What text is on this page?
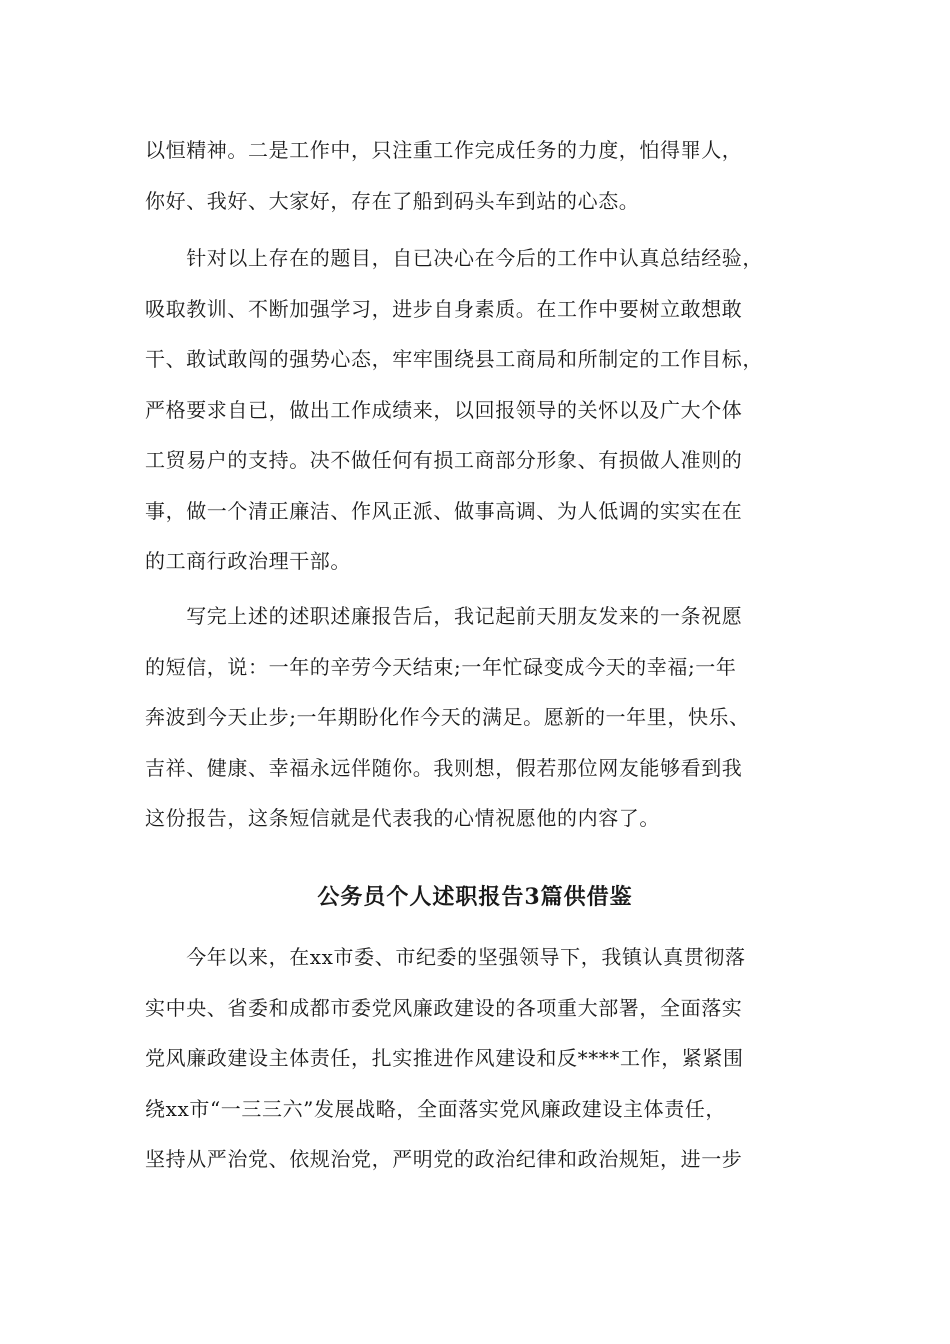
以恒精神。二是工作中，只注重工作完成任务的力度，怕得罪人，
你好、我好、大家好，存在了船到码头车到站的心态。
　　针对以上存在的题目，自已决心在今后的工作中认真总结经验，
吸取教训、不断加强学习，进步自身素质。在工作中要树立敢想敢
干、敢试敢闯的强势心态，牢牢围绕县工商局和所制定的工作目标，
严格要求自已，做出工作成绩来，以回报领导的关怀以及广大个体
工贸易户的支持。决不做任何有损工商部分形象、有损做人准则的
事，做一个清正廉洁、作风正派、做事高调、为人低调的实实在在
的工商行政治理干部。
　　写完上述的述职述廉报告后，我记起前天朋友发来的一条祝愿
的短信，说：一年的辛劳今天结束;一年忙碌变成今天的幸福;一年
奔波到今天止步;一年期盼化作今天的满足。愿新的一年里，快乐、
吉祥、健康、幸福永远伴随你。我则想，假若那位网友能够看到我
这份报告，这条短信就是代表我的心情祝愿他的内容了。
公务员个人述职报告3篇供借鉴
　　今年以来，在xx市委、市纪委的坚强领导下，我镇认真贯彻落
实中央、省委和成都市委党风廉政建设的各项重大部署，全面落实
党风廉政建设主体责任，扎实推进作风建设和反****工作，紧紧围
绕xx市“一三三六”发展战略，全面落实党风廉政建设主体责任，
坚持从严治党、依规治党，严明党的政治纪律和政治规矩，进一步
